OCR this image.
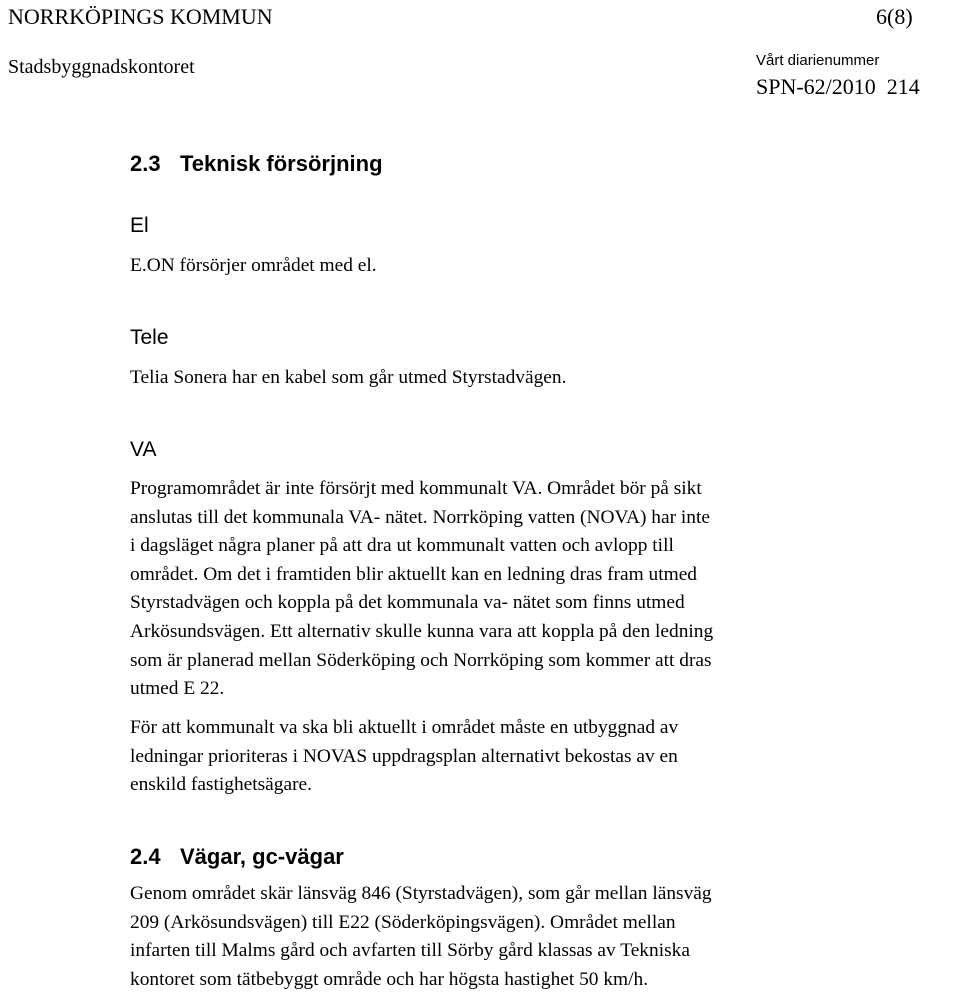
NORRKÖPINGS KOMMUN	6(8)
Stadsbyggnadskontoret	Vårt diarienummer
SPN-62/2010 214
2.3 Teknisk försörjning
El

E.ON försörjer området med el.

Tele

Telia Sonera har en kabel som går utmed Styrstadvägen.

VA

Programområdet är inte försörjt med kommunalt VA. Området bör på sikt

anslutas till det kommunala VA- nätet. Norrköping vatten (NOVA) har inte

i dagsläget några planer på att dra ut kommunalt vatten och avlopp till

området. Om det i framtiden blir aktuellt kan en ledning dras fram utmed

Styrstadvägen och koppla på det kommunala va- nätet som finns utmed

Arkösundsvägen. Ett alternativ skulle kunna vara att koppla på den ledning

som är planerad mellan Söderköping och Norrköping som kommer att dras

utmed E 22.

För att kommunalt va ska bli aktuellt i området måste en utbyggnad av

ledningar prioriteras i NOVAS uppdragsplan alternativt bekostas av en

enskild fastighetsägare.

2.4 Vägar, gc-vägar

Genom området skär länsväg 846 (Styrstadvägen), som går mellan länsväg

209 (Arkösundsvägen) till E22 (Söderköpingsvägen). Området mellan

infarten till Malms gård och avfarten till Sörby gård klassas av Tekniska

kontoret som tätbebyggt område och har högsta hastighet 50 km/h.
